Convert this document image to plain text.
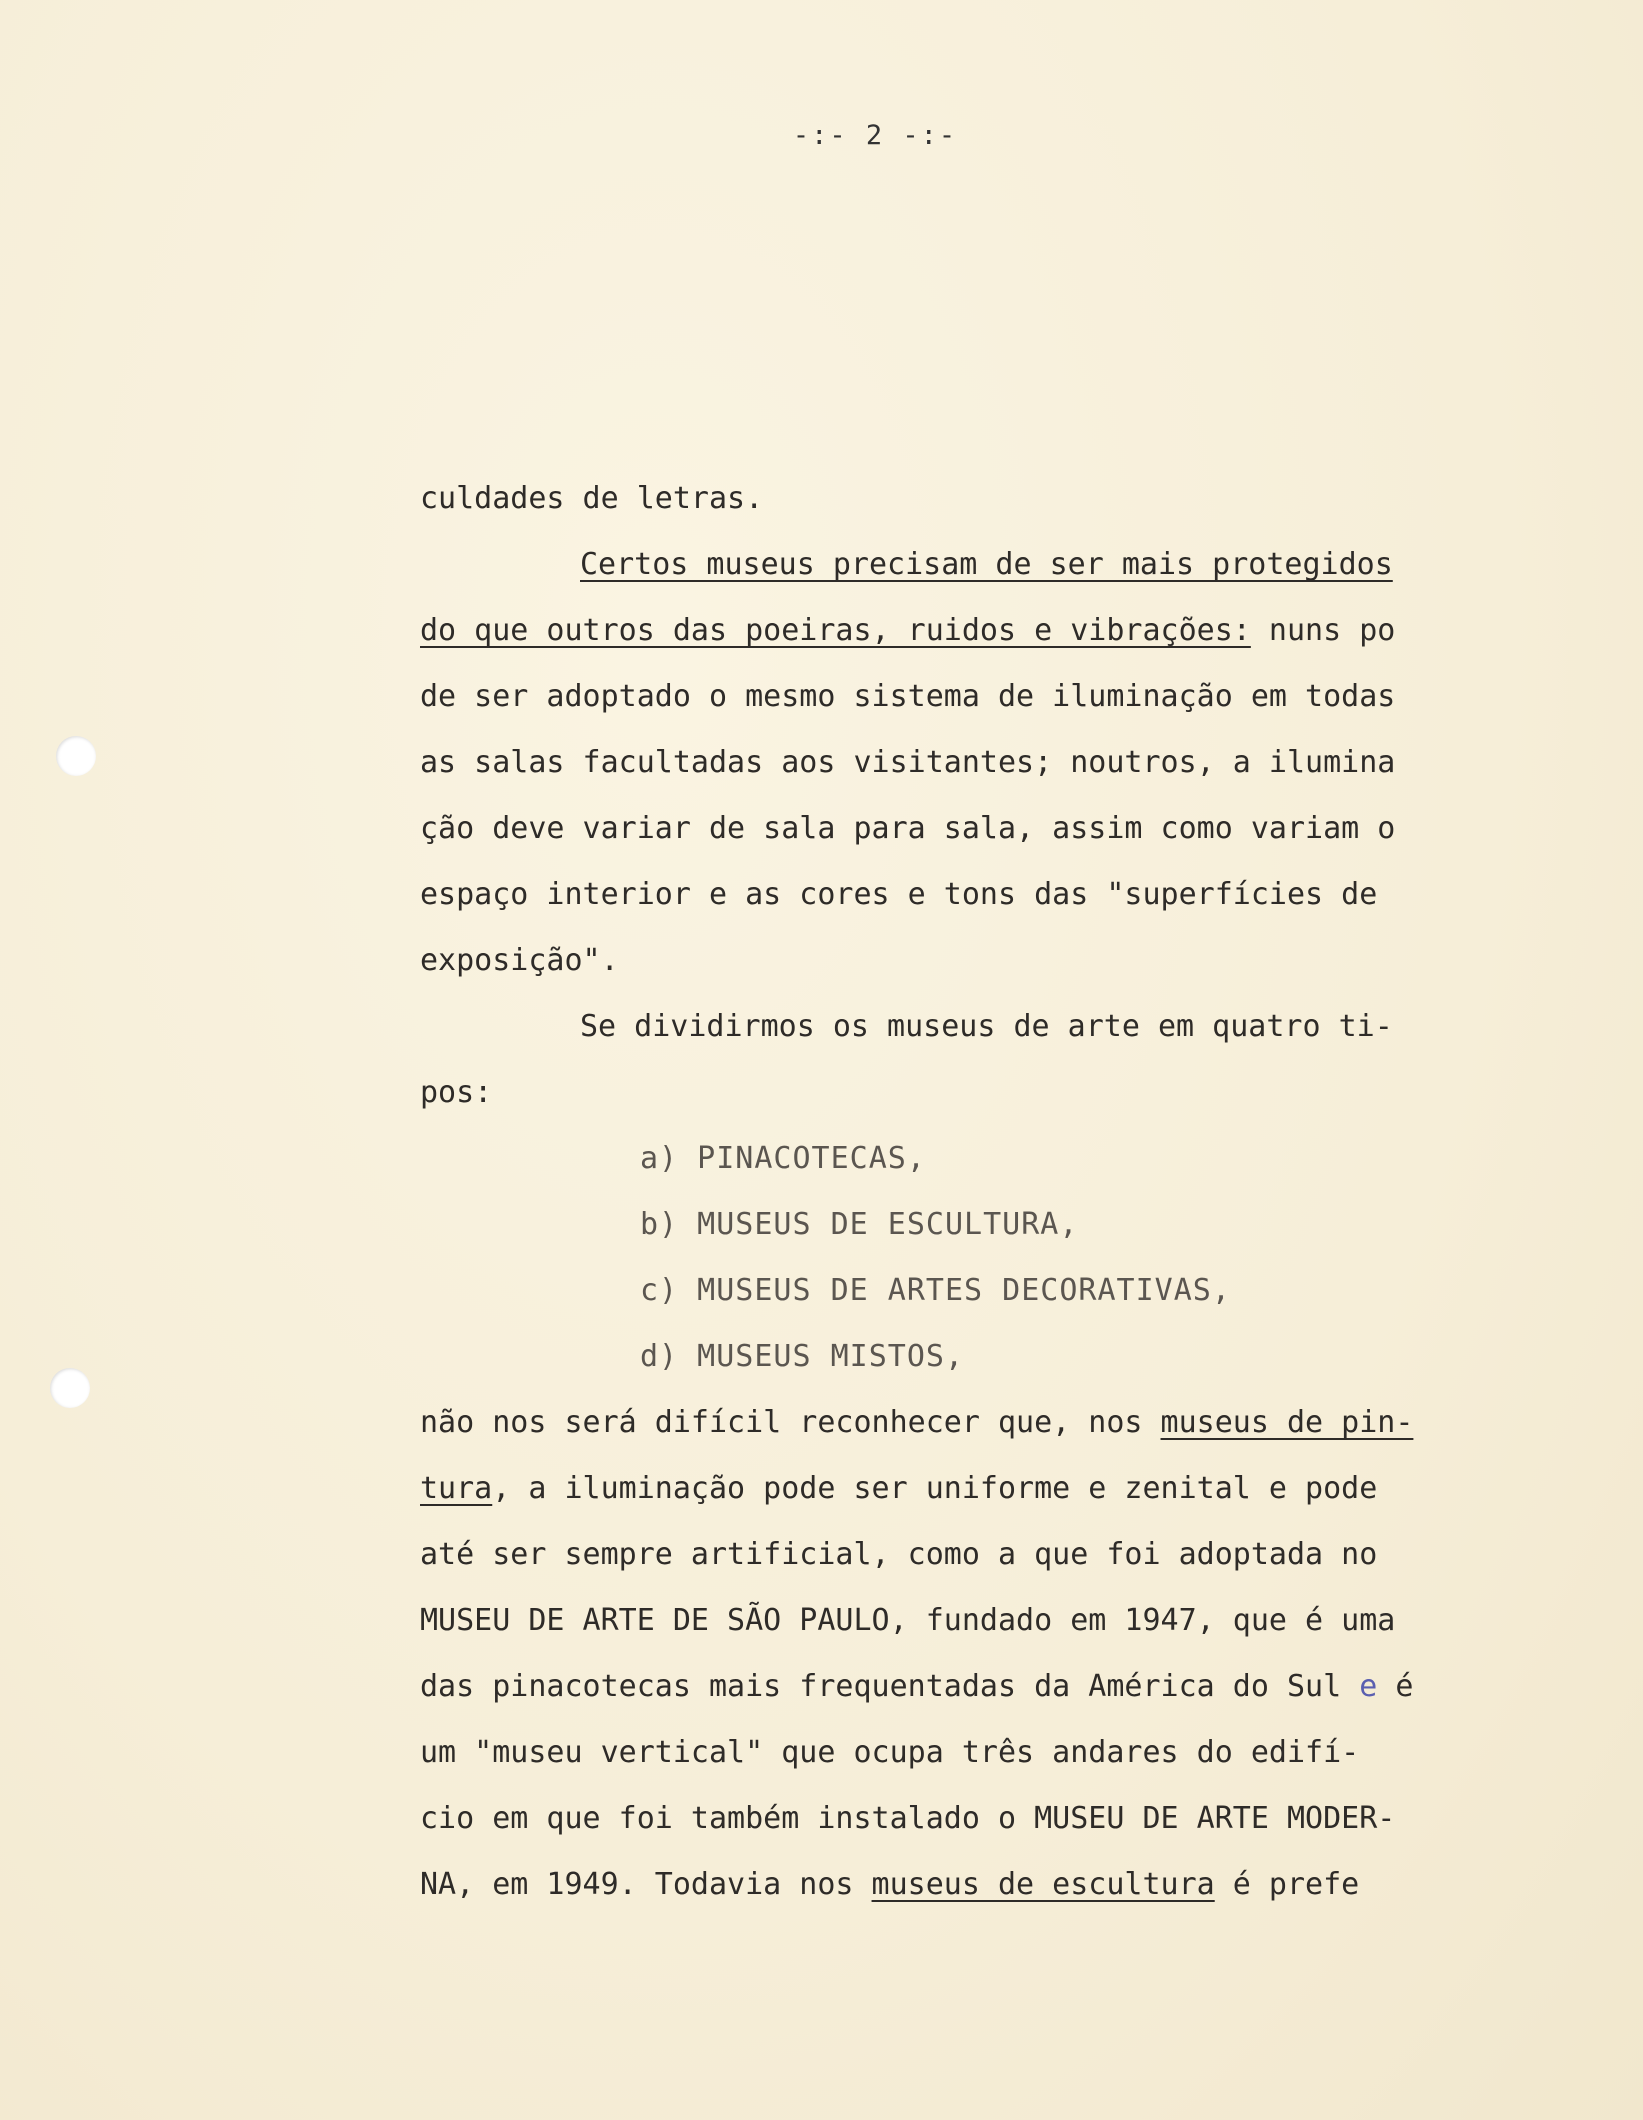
-:- 2 -:-
culdades de letras.
Certos museus precisam de ser mais protegidos
do que outros das poeiras, ruidos e vibrações: nuns po
de ser adoptado o mesmo sistema de iluminação em todas
as salas facultadas aos visitantes; noutros, a ilumina
ção deve variar de sala para sala, assim como variam o
espaço interior e as cores e tons das "superfícies de
exposição".
Se dividirmos os museus de arte em quatro ti-
pos:
a) PINACOTECAS,
b) MUSEUS DE ESCULTURA,
c) MUSEUS DE ARTES DECORATIVAS,
d) MUSEUS MISTOS,
não nos será difícil reconhecer que, nos museus de pin-
tura, a iluminação pode ser uniforme e zenital e pode
até ser sempre artificial, como a que foi adoptada no
MUSEU DE ARTE DE SÃO PAULO, fundado em 1947, que é uma
das pinacotecas mais frequentadas da América do Sul e é
um "museu vertical" que ocupa três andares do edifí-
cio em que foi também instalado o MUSEU DE ARTE MODER-
NA, em 1949. Todavia nos museus de escultura é prefe
